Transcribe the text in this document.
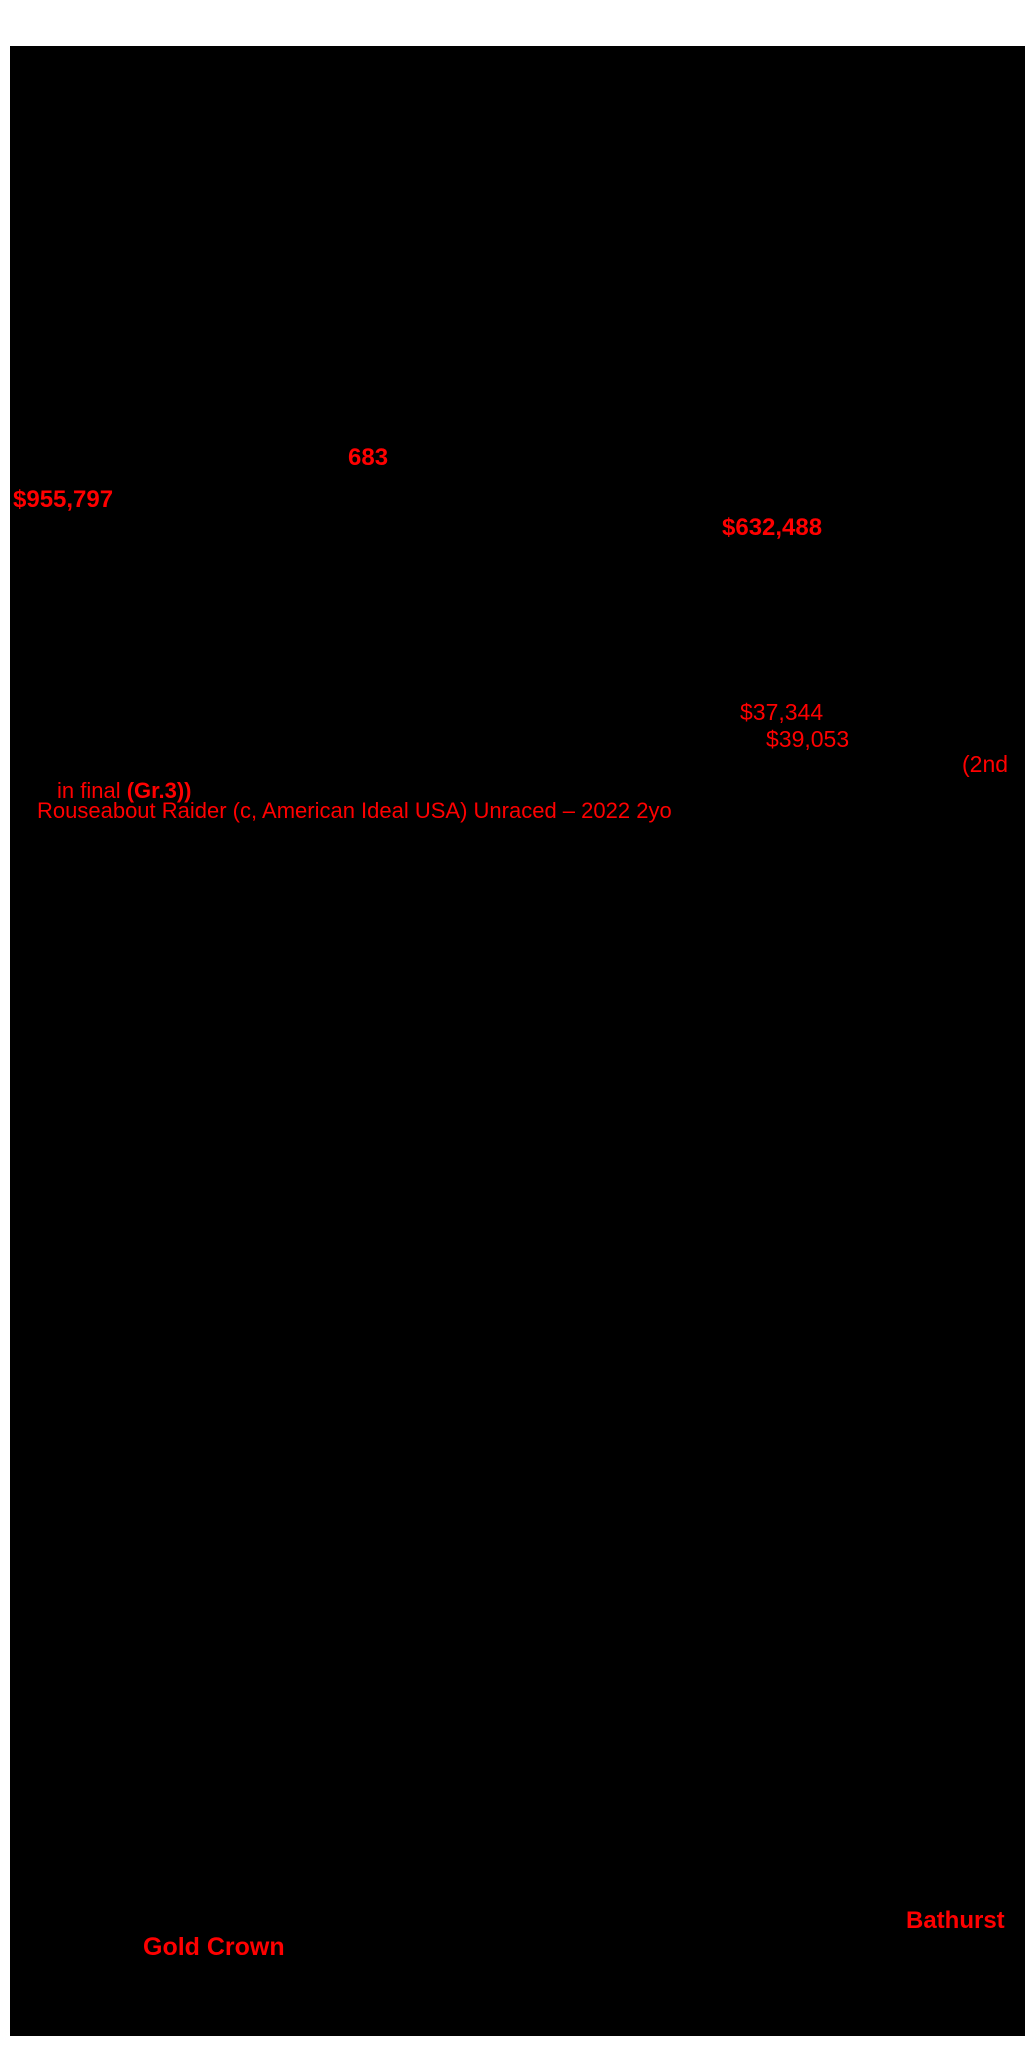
683
$955,797
$632,488
$37,344
$39,053
(2nd
in final (Gr.3))
Rouseabout Raider (c, American Ideal USA) Unraced – 2022 2yo
Bathurst
Gold Crown
